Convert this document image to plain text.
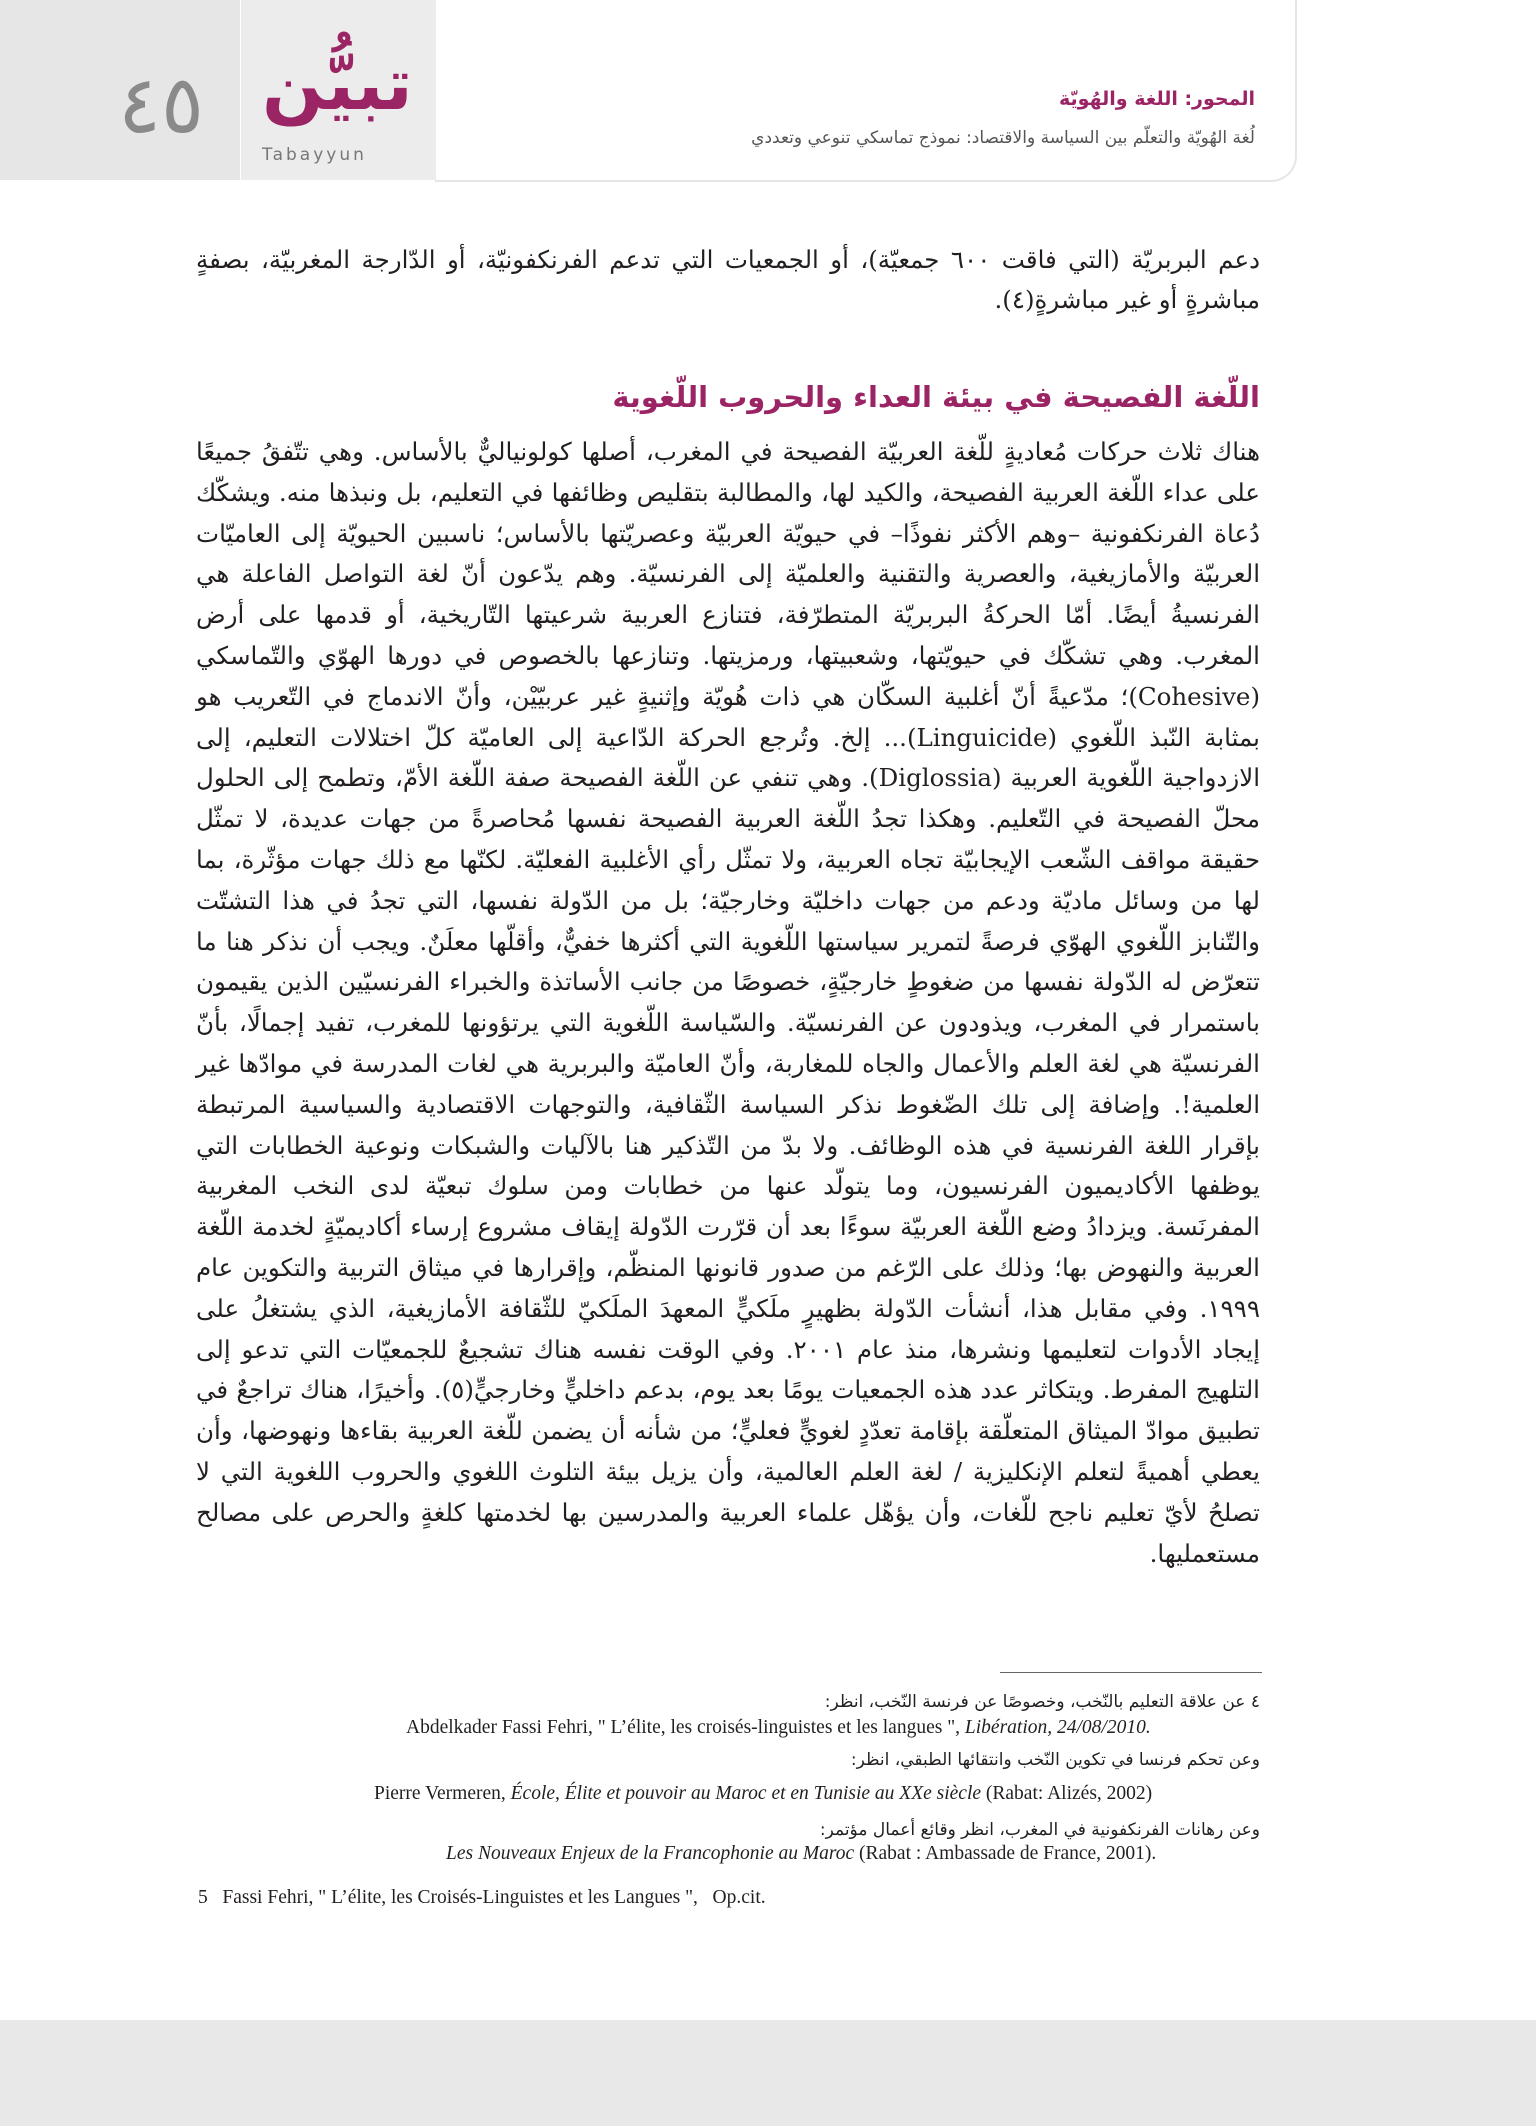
٤٥ تبيُّن
Tabayyun
المحور: اللغة والهُويّة
لُغة الهُويّة والتعلّم بين السياسة والاقتصاد: نموذج تماسكي تنوعي وتعددي
دعم البربريّة (التي فاقت ٦٠٠ جمعيّة)، أو الجمعيات التي تدعم الفرنكفونيّة، أو الدّارجة المغربيّة، بصفةٍ مباشرةٍ أو غير مباشرةٍ(٤).
اللّغة الفصيحة في بيئة العداء والحروب اللّغوية
هناك ثلاث حركات مُعاديةٍ للّغة العربيّة الفصيحة في المغرب، أصلها كولونياليٌّ بالأساس. وهي تتّفقُ جميعًا على عداء اللّغة العربية الفصيحة، والكيد لها، والمطالبة بتقليص وظائفها في التعليم، بل ونبذها منه. ويشكّك دُعاة الفرنكفونية –وهم الأكثر نفوذًا– في حيويّة العربيّة وعصريّتها بالأساس؛ ناسبين الحيويّة إلى العاميّات العربيّة والأمازيغية، والعصرية والتقنية والعلميّة إلى الفرنسيّة. وهم يدّعون أنّ لغة التواصل الفاعلة هي الفرنسيةُ أيضًا. أمّا الحركةُ البربريّة المتطرّفة، فتنازع العربية شرعيتها التّاريخية، أو قدمها على أرض المغرب. وهي تشكّك في حيويّتها، وشعبيتها، ورمزيتها. وتنازعها بالخصوص في دورها الهوّي والتّماسكي (Cohesive)؛ مدّعيةً أنّ أغلبية السكّان هي ذات هُويّة وإثنيةٍ غير عربيّيْن، وأنّ الاندماج في التّعريب هو بمثابة النّبذ اللّغوي (Linguicide)... إلخ. وتُرجع الحركة الدّاعية إلى العاميّة كلّ اختلالات التعليم، إلى الازدواجية اللّغوية العربية (Diglossia). وهي تنفي عن اللّغة الفصيحة صفة اللّغة الأمّ، وتطمح إلى الحلول محلّ الفصيحة في التّعليم. وهكذا تجدُ اللّغة العربية الفصيحة نفسها مُحاصرةً من جهات عديدة، لا تمثّل حقيقة مواقف الشّعب الإيجابيّة تجاه العربية، ولا تمثّل رأي الأغلبية الفعليّة. لكنّها مع ذلك جهات مؤثّرة، بما لها من وسائل ماديّة ودعم من جهات داخليّة وخارجيّة؛ بل من الدّولة نفسها، التي تجدُ في هذا التشتّت والتّنابز اللّغوي الهوّي فرصةً لتمرير سياستها اللّغوية التي أكثرها خفيٌّ، وأقلّها معلَنٌ. ويجب أن نذكر هنا ما تتعرّض له الدّولة نفسها من ضغوطٍ خارجيّةٍ، خصوصًا من جانب الأساتذة والخبراء الفرنسيّين الذين يقيمون باستمرار في المغرب، ويذودون عن الفرنسيّة. والسّياسة اللّغوية التي يرتؤونها للمغرب، تفيد إجمالًا، بأنّ الفرنسيّة هي لغة العلم والأعمال والجاه للمغاربة، وأنّ العاميّة والبربرية هي لغات المدرسة في موادّها غير العلمية!. وإضافة إلى تلك الضّغوط نذكر السياسة الثّقافية، والتوجهات الاقتصادية والسياسية المرتبطة بإقرار اللغة الفرنسية في هذه الوظائف. ولا بدّ من التّذكير هنا بالآليات والشبكات ونوعية الخطابات التي يوظفها الأكاديميون الفرنسيون، وما يتولّد عنها من خطابات ومن سلوك تبعيّة لدى النخب المغربية المفرنَسة. ويزدادُ وضع اللّغة العربيّة سوءًا بعد أن قرّرت الدّولة إيقاف مشروع إرساء أكاديميّةٍ لخدمة اللّغة العربية والنهوض بها؛ وذلك على الرّغم من صدور قانونها المنظّم، وإقرارها في ميثاق التربية والتكوين عام ١٩٩٩. وفي مقابل هذا، أنشأت الدّولة بظهيرٍ ملَكيٍّ المعهدَ الملَكيّ للثّقافة الأمازيغية، الذي يشتغلُ على إيجاد الأدوات لتعليمها ونشرها، منذ عام ٢٠٠١. وفي الوقت نفسه هناك تشجيعٌ للجمعيّات التي تدعو إلى التلهيج المفرط. ويتكاثر عدد هذه الجمعيات يومًا بعد يوم، بدعم داخليٍّ وخارجيٍّ(٥). وأخيرًا، هناك تراجعٌ في تطبيق موادّ الميثاق المتعلّقة بإقامة تعدّدٍ لغويٍّ فعليٍّ؛ من شأنه أن يضمن للّغة العربية بقاءها ونهوضها، وأن يعطي أهميةً لتعلم الإنكليزية / لغة العلم العالمية، وأن يزيل بيئة التلوث اللغوي والحروب اللغوية التي لا تصلحُ لأيّ تعليم ناجح للّغات، وأن يؤهّل علماء العربية والمدرسين بها لخدمتها كلغةٍ والحرص على مصالح مستعمليها.
٤ عن علاقة التعليم بالنّخب، وخصوصًا عن فرنسة النّخب، انظر:
Abdelkader Fassi Fehri, " L’élite, les croisés-linguistes et les langues ", Libération, 24/08/2010.
وعن تحكم فرنسا في تكوين النّخب وانتقائها الطبقي، انظر:
Pierre Vermeren, École, Élite et pouvoir au Maroc et en Tunisie au XXe siècle (Rabat: Alizés, 2002)
وعن رهانات الفرنكفونية في المغرب، انظر وقائع أعمال مؤتمر:
Les Nouveaux Enjeux de la Francophonie au Maroc (Rabat : Ambassade de France, 2001).
5   Fassi Fehri, " L’élite, les Croisés-Linguistes et les Langues ",   Op.cit.
